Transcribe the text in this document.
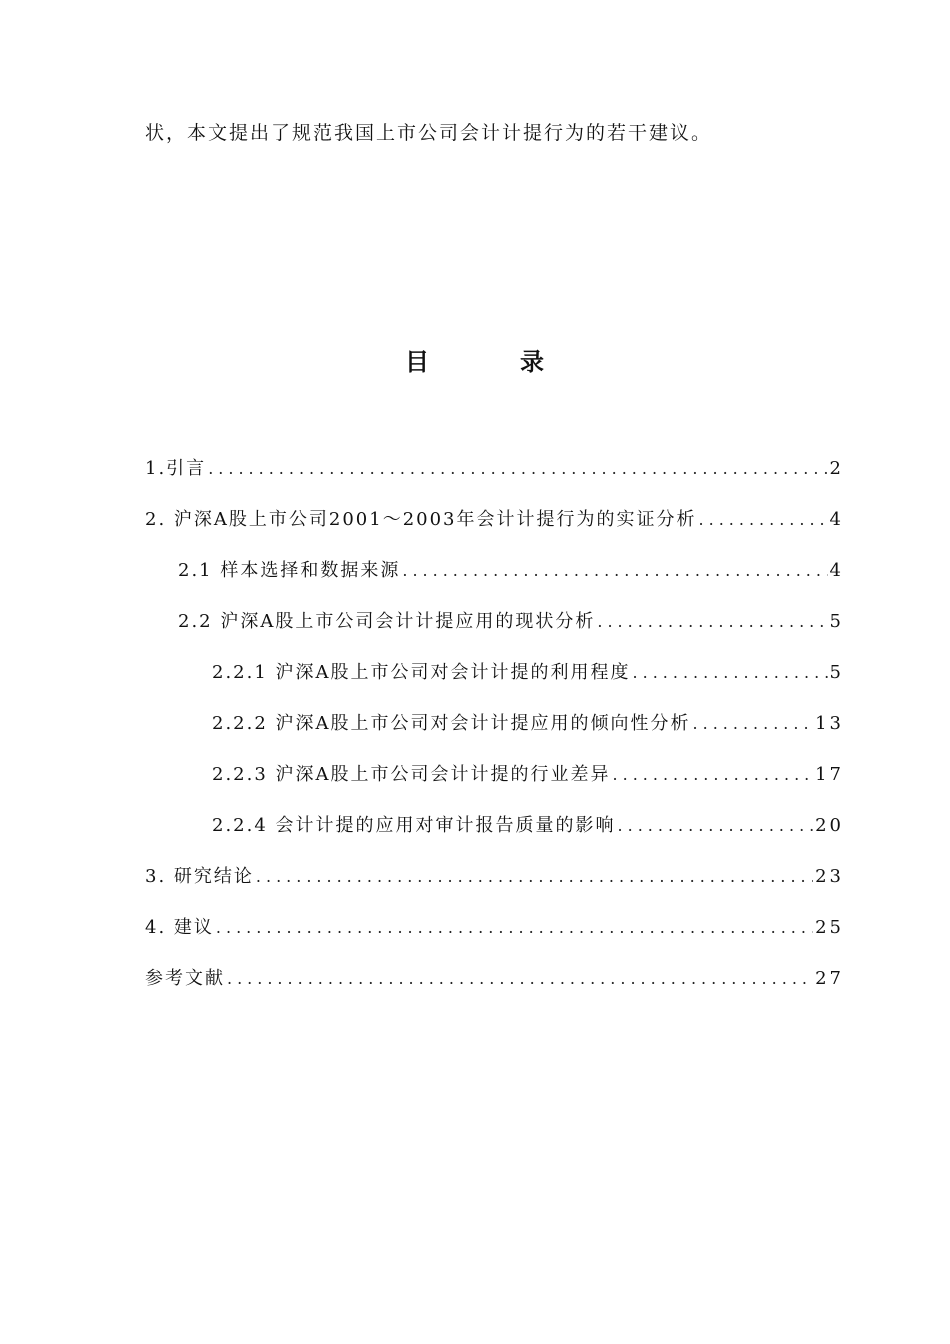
状，本文提出了规范我国上市公司会计计提行为的若干建议。
目	录
1.引言 .....	2
2. 沪深A股上市公司2001～2003年会计计提行为的实证分析 .....	4
2.1 样本选择和数据来源 .....	4
2.2 沪深A股上市公司会计计提应用的现状分析 .....	5
2.2.1 沪深A股上市公司对会计计提的利用程度 .....	5
2.2.2 沪深A股上市公司对会计计提应用的倾向性分析 .....	13
2.2.3 沪深A股上市公司会计计提的行业差异 .....	17
2.2.4 会计计提的应用对审计报告质量的影响 .....	20
3. 研究结论 .....	23
4. 建议 .....	25
参考文献 .....	27
